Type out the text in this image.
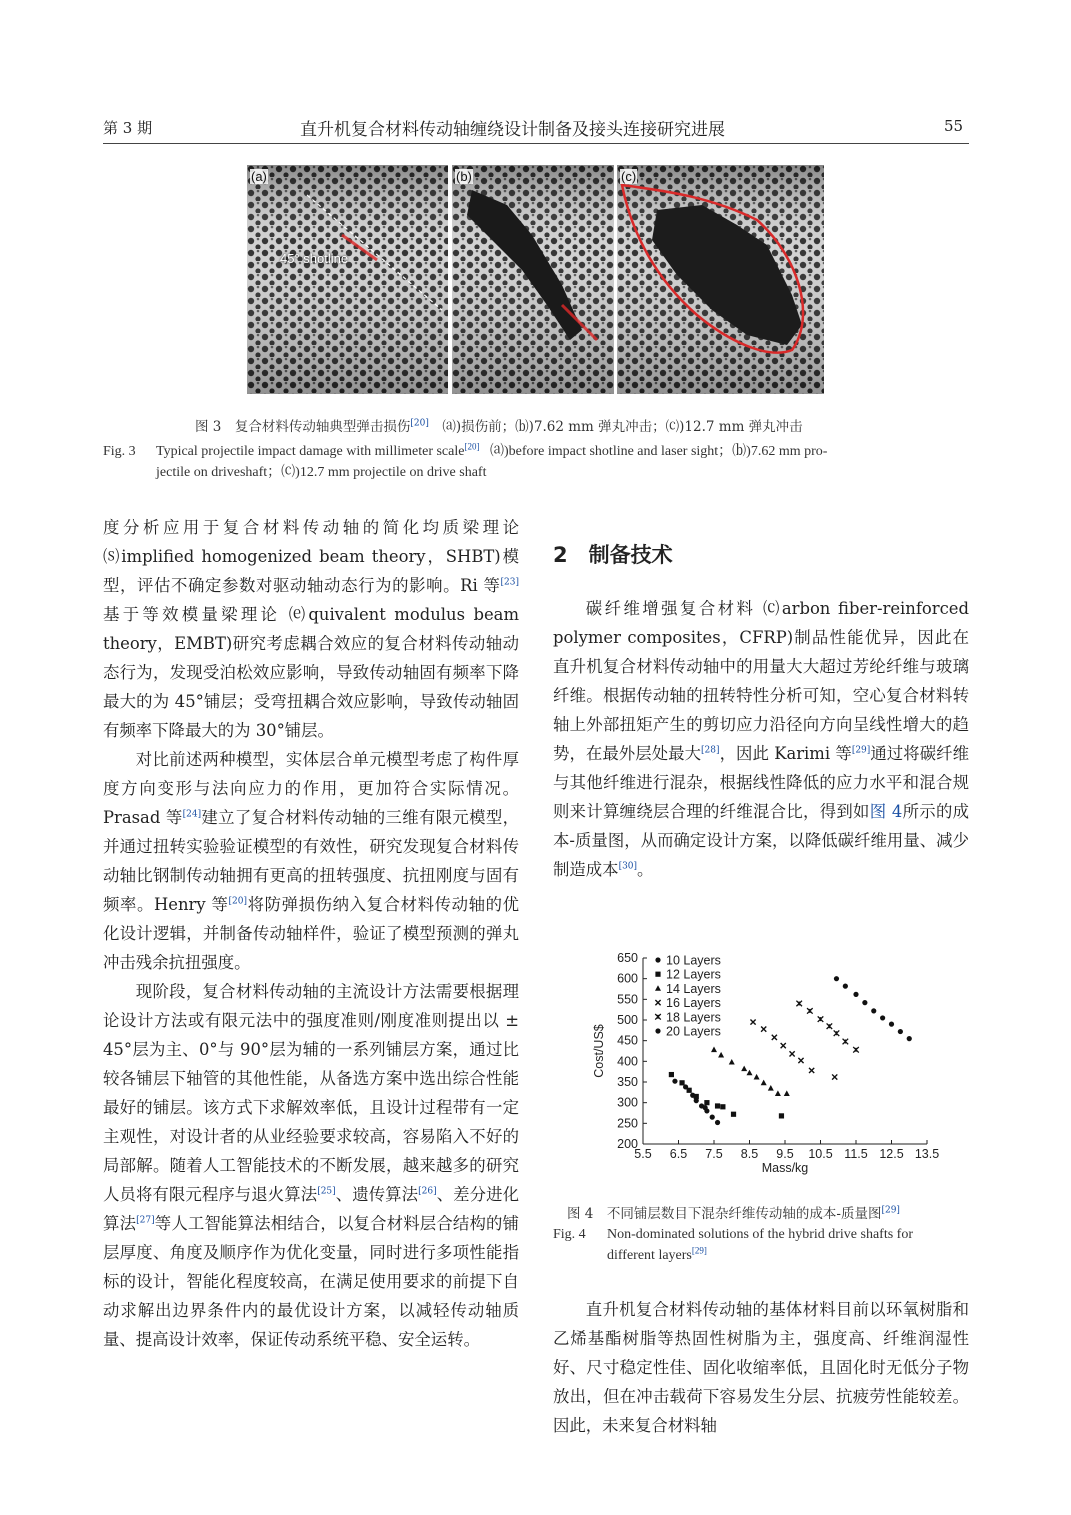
第 3 期	直升机复合材料传动轴缠绕设计制备及接头连接研究进展	55
(a)
45° shotline
(b)	(c)
图 3　复合材料传动轴典型弹击损伤[20]　⒜)损伤前；⒝)7.62 mm 弹丸冲击；⒞)12.7 mm 弹丸冲击
Fig. 3 Typical projectile impact damage with millimeter scale[20] ⒜)before impact shotline and laser sight；⒝)7.62 mm pro-
jectile on driveshaft；⒞)12.7 mm projectile on drive shaft

度分析应用于复合材料传动轴的简化均质梁理论 ⒮implified homogenized beam theory，SHBT)模型，评估不确定参数对驱动轴动态行为的影响。Ri 等[23]基于等效模量梁理论 ⒠quivalent modulus beam theory，EMBT)研究考虑耦合效应的复合材料传动轴动态行为，发现受泊松效应影响，导致传动轴固有频率下降最大的为 45°铺层；受弯扭耦合效应影响，导致传动轴固有频率下降最大的为 30°铺层。

对比前述两种模型，实体层合单元模型考虑了构件厚度方向变形与法向应力的作用，更加符合实际情况。Prasad 等[24]建立了复合材料传动轴的三维有限元模型，并通过扭转实验验证模型的有效性，研究发现复合材料传动轴比钢制传动轴拥有更高的扭转强度、抗扭刚度与固有频率。Henry 等[20]将防弹损伤纳入复合材料传动轴的优化设计逻辑，并制备传动轴样件，验证了模型预测的弹丸冲击残余抗扭强度。

现阶段，复合材料传动轴的主流设计方法需要根据理论设计方法或有限元法中的强度准则/刚度准则提出以 ± 45°层为主、0°与 90°层为辅的一系列铺层方案，通过比较各铺层下轴管的其他性能，从备选方案中选出综合性能最好的铺层。该方式下求解效率低，且设计过程带有一定主观性，对设计者的从业经验要求较高，容易陷入不好的局部解。随着人工智能技术的不断发展，越来越多的研究人员将有限元程序与退火算法[25]、遗传算法[26]、差分进化算法[27]等人工智能算法相结合，以复合材料层合结构的铺层厚度、角度及顺序作为优化变量，同时进行多项性能指标的设计，智能化程度较高，在满足使用要求的前提下自动求解出边界条件内的最优设计方案，以减轻传动轴质量、提高设计效率，保证传动系统平稳、安全运转。

2　制备技术

碳纤维增强复合材料 ⒞arbon fiber-reinforced polymer composites，CFRP)制品性能优异，因此在直升机复合材料传动轴中的用量大大超过芳纶纤维与玻璃纤维。根据传动轴的扭转特性分析可知，空心复合材料转轴上外部扭矩产生的剪切应力沿径向方向呈线性增大的趋势，在最外层处最大[28]，因此 Karimi 等[29]通过将碳纤维与其他纤维进行混杂，根据线性降低的应力水平和混合规则来计算缠绕层合理的纤维混合比，得到如图 4所示的成本-质量图，从而确定设计方案，以降低碳纤维用量、减少制造成本[30]。

5.5 6.5 7.5 8.5 9.5 10.5 11.5 12.5 13.5
200
250
300
350
400
450
500
550
600
650
Mass/kg
Cost/US$
10 Layers
12 Layers
14 Layers
16 Layers
18 Layers
20 Layers
图 4　不同铺层数目下混杂纤维传动轴的成本-质量图[29]
Fig. 4 Non-dominated solutions of the hybrid drive shafts for
different layers[29]

直升机复合材料传动轴的基体材料目前以环氧树脂和乙烯基酯树脂等热固性树脂为主，强度高、纤维润湿性好、尺寸稳定性佳、固化收缩率低，且固化时无低分子物放出，但在冲击载荷下容易发生分层、抗疲劳性能较差。因此，未来复合材料轴
